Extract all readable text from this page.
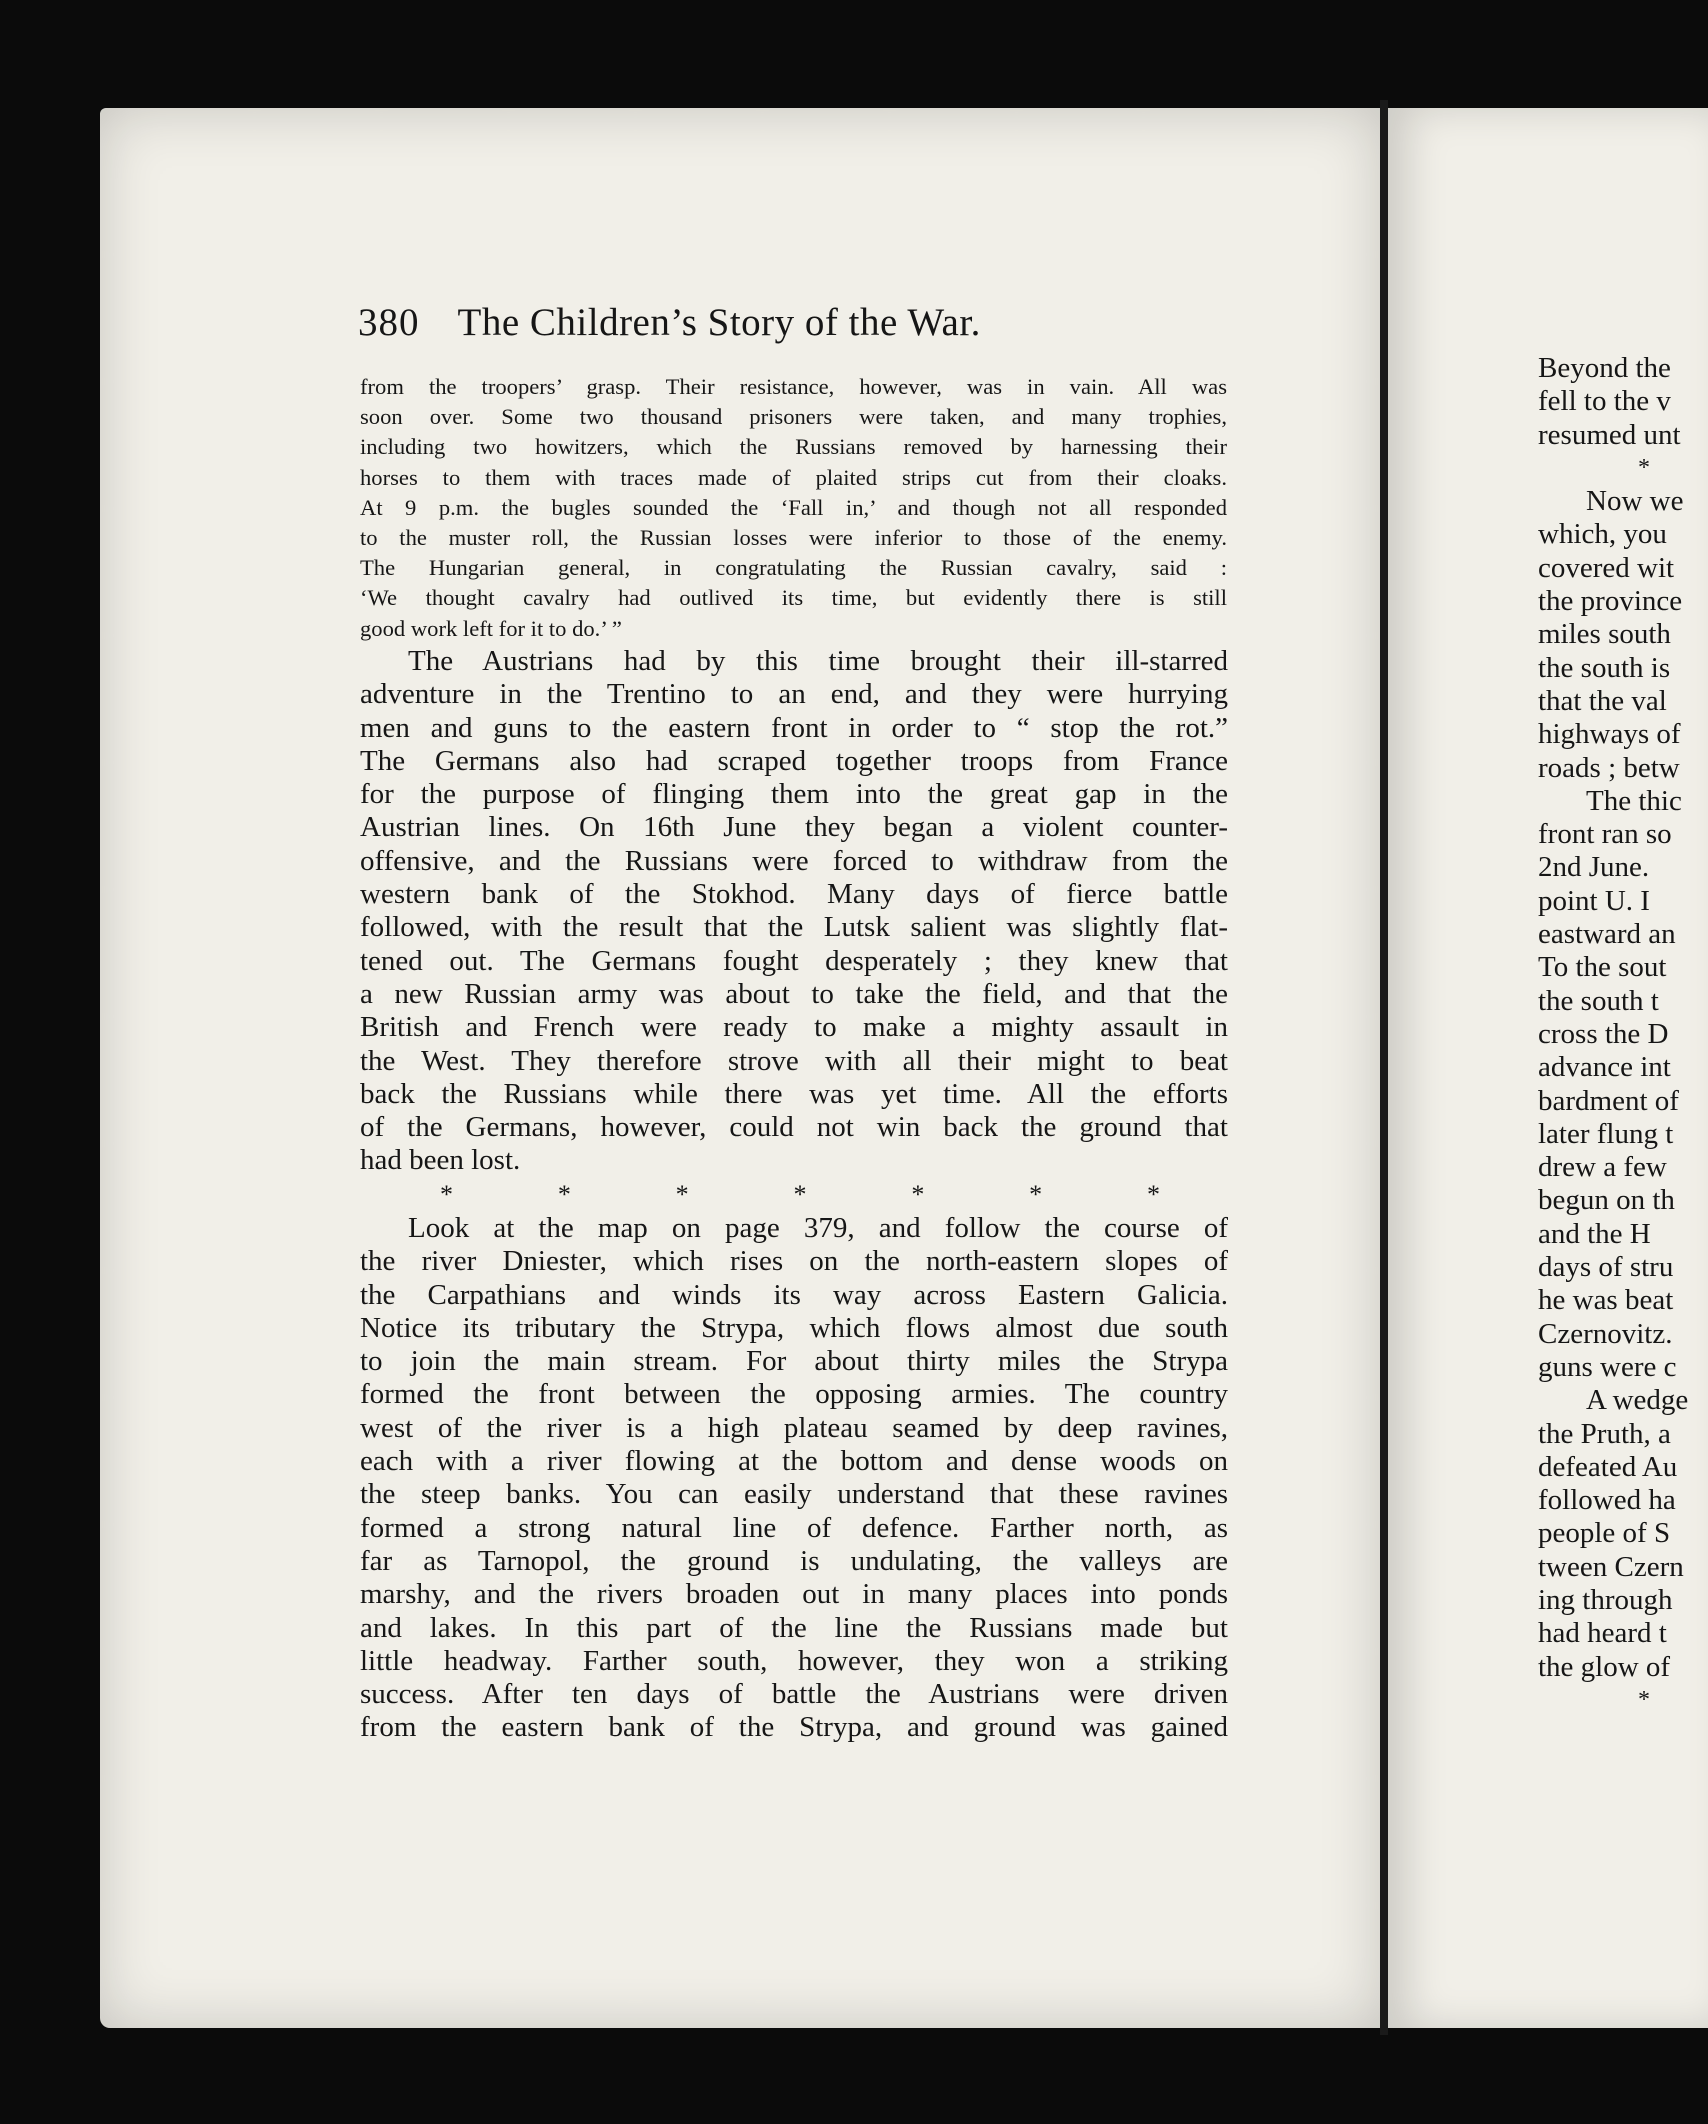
380 The Children’s Story of the War.
from the troopers’ grasp. Their resistance, however, was in vain. All was
soon over. Some two thousand prisoners were taken, and many trophies,
including two howitzers, which the Russians removed by harnessing their
horses to them with traces made of plaited strips cut from their cloaks.
At 9 p.m. the bugles sounded the ‘Fall in,’ and though not all responded
to the muster roll, the Russian losses were inferior to those of the enemy.
The Hungarian general, in congratulating the Russian cavalry, said :
‘We thought cavalry had outlived its time, but evidently there is still
good work left for it to do.’ ”
The Austrians had by this time brought their ill-starred
adventure in the Trentino to an end, and they were hurrying
men and guns to the eastern front in order to “ stop the rot.”
The Germans also had scraped together troops from France
for the purpose of flinging them into the great gap in the
Austrian lines. On 16th June they began a violent counter-
offensive, and the Russians were forced to withdraw from the
western bank of the Stokhod. Many days of fierce battle
followed, with the result that the Lutsk salient was slightly flat-
tened out. The Germans fought desperately ; they knew that
a new Russian army was about to take the field, and that the
British and French were ready to make a mighty assault in
the West. They therefore strove with all their might to beat
back the Russians while there was yet time. All the efforts
of the Germans, however, could not win back the ground that
had been lost.
*	*	*	*	*	*	*
Look at the map on page 379, and follow the course of
the river Dniester, which rises on the north-eastern slopes of
the Carpathians and winds its way across Eastern Galicia.
Notice its tributary the Strypa, which flows almost due south
to join the main stream. For about thirty miles the Strypa
formed the front between the opposing armies. The country
west of the river is a high plateau seamed by deep ravines,
each with a river flowing at the bottom and dense woods on
the steep banks. You can easily understand that these ravines
formed a strong natural line of defence. Farther north, as
far as Tarnopol, the ground is undulating, the valleys are
marshy, and the rivers broaden out in many places into ponds
and lakes. In this part of the line the Russians made but
little headway. Farther south, however, they won a striking
success. After ten days of battle the Austrians were driven
from the eastern bank of the Strypa, and ground was gained
Beyond the
fell to the v
resumed unt
*
Now we
which, you
covered wit
the province
miles south
the south is
that the val
highways of
roads ; betw
The thic
front ran so
2nd June.
point U. I
eastward an
To the sout
the south t
cross the D
advance int
bardment of
later flung t
drew a few
begun on th
and the H
days of stru
he was beat
Czernovitz.
guns were c
A wedge
the Pruth, a
defeated Au
followed ha
people of S
tween Czern
ing through
had heard t
the glow of
*
